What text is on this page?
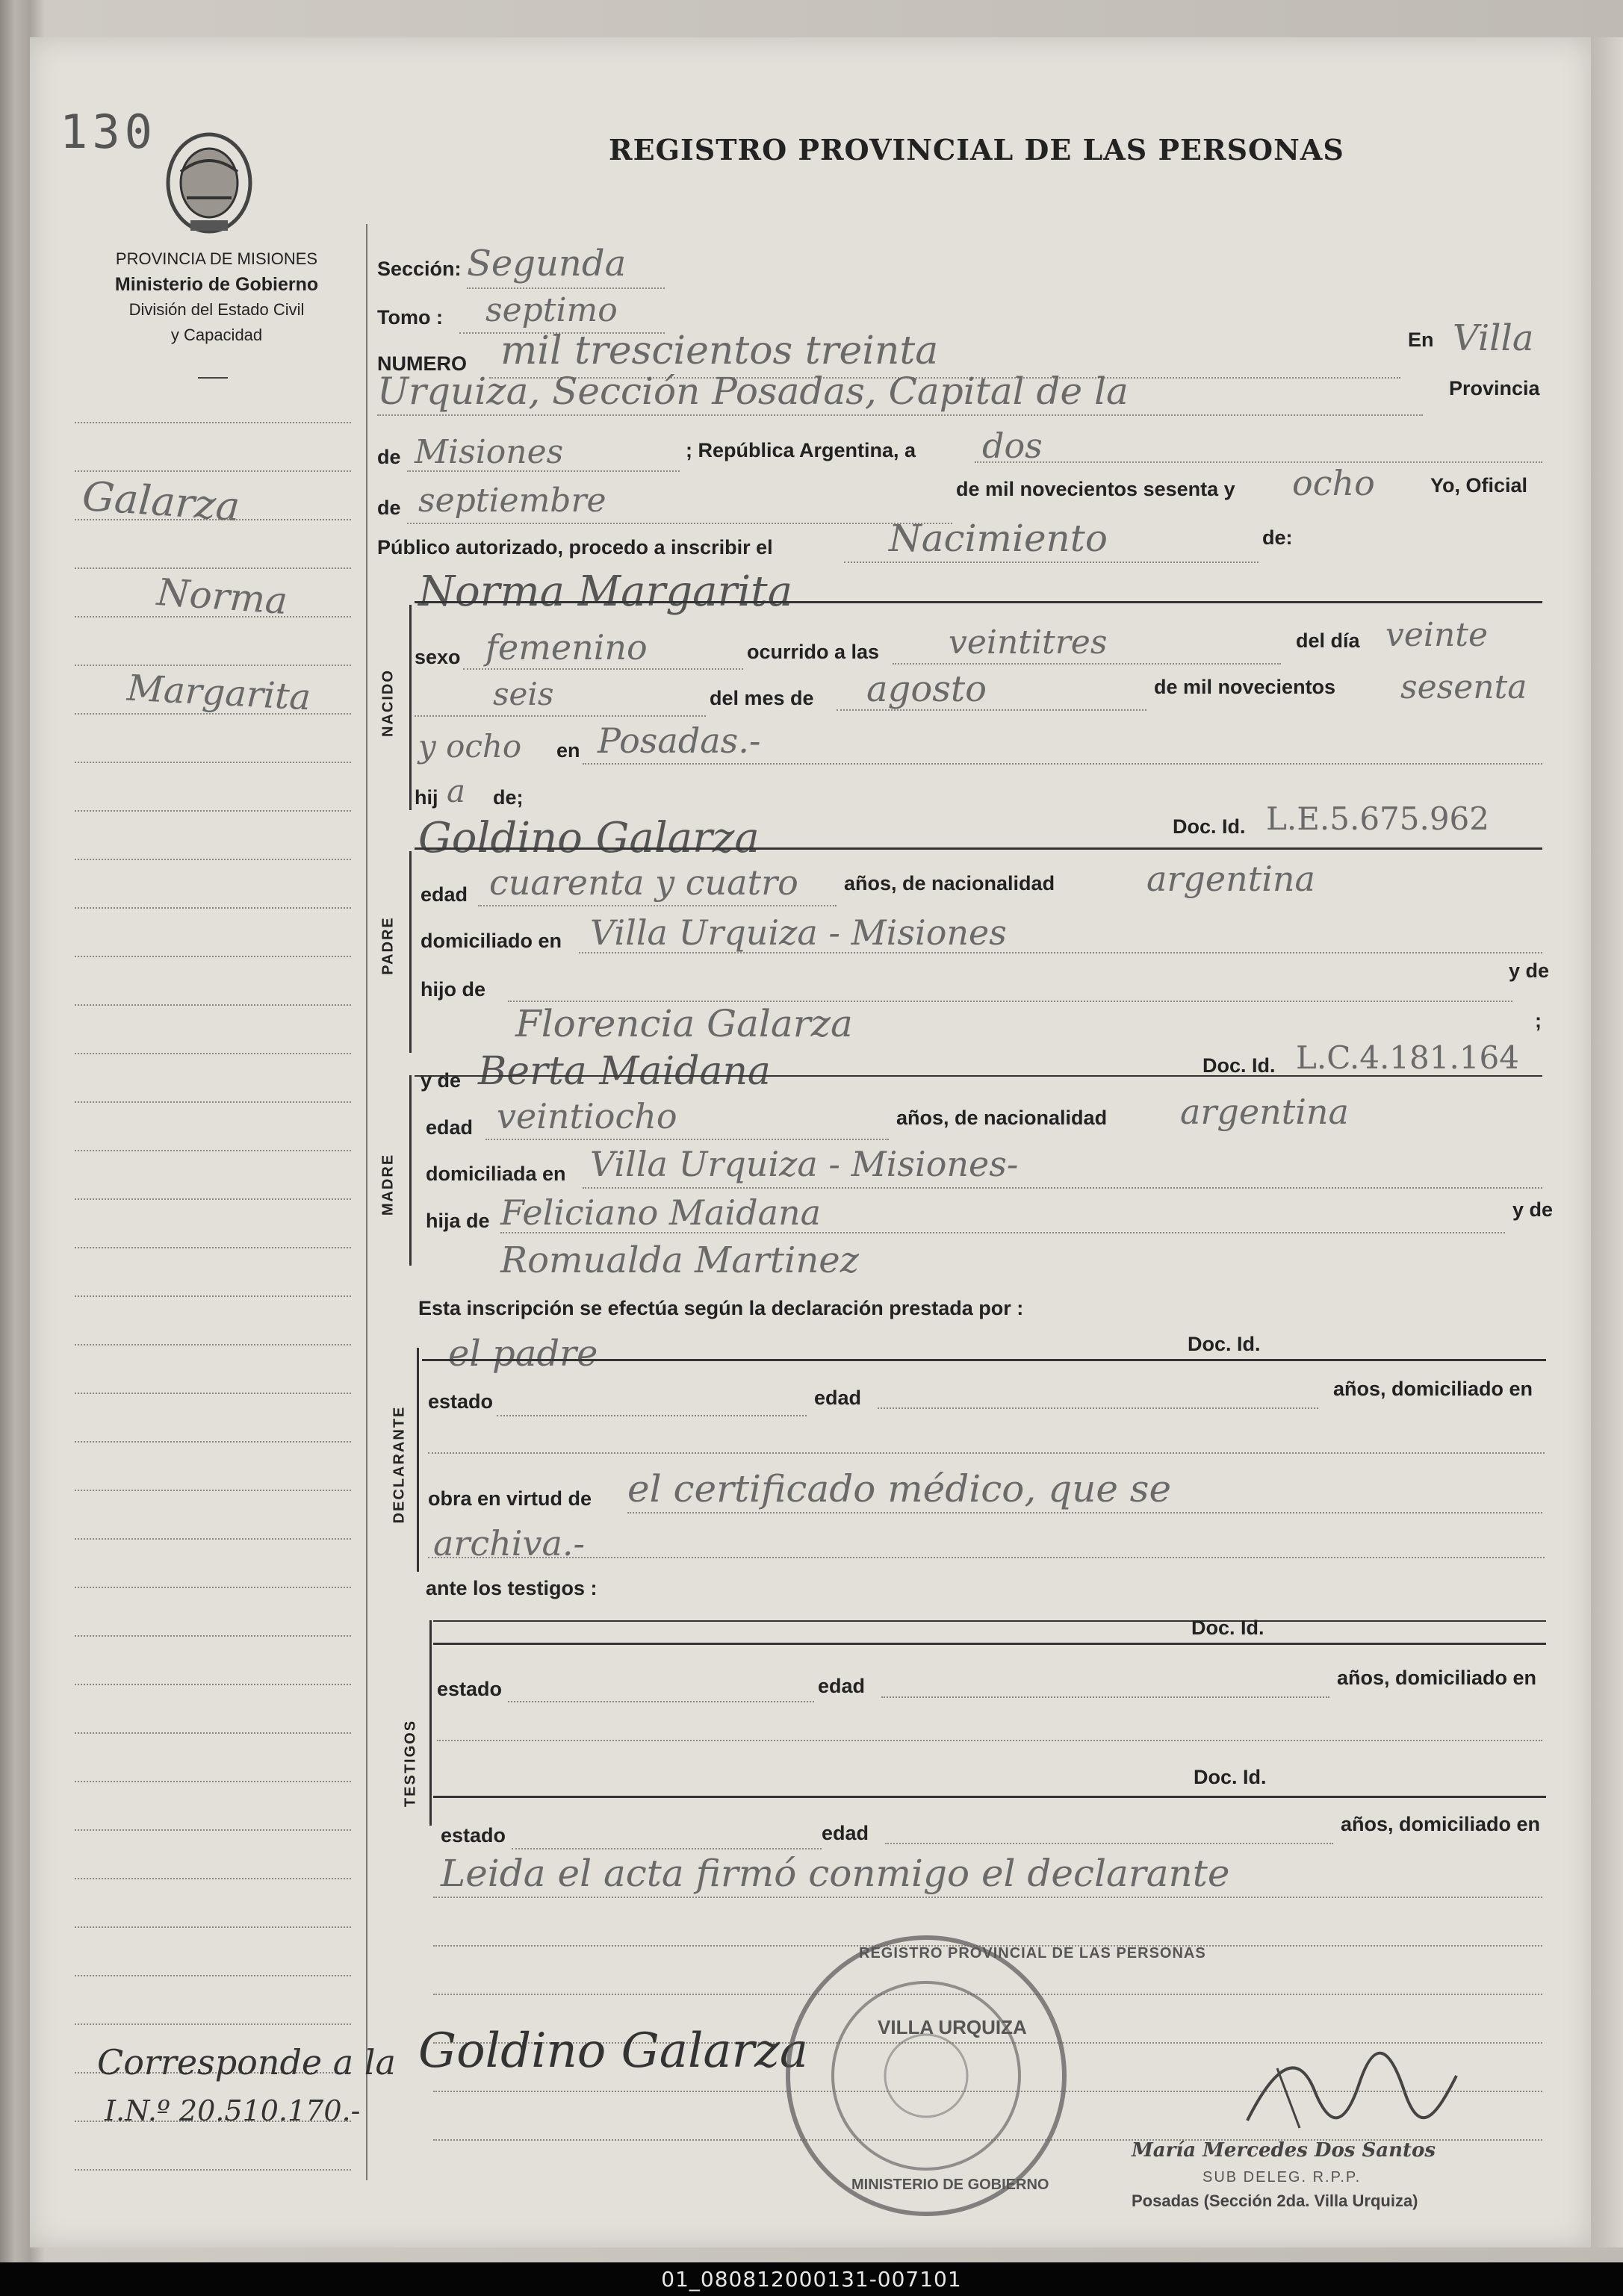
130	REGISTRO PROVINCIAL DE LAS PERSONAS
PROVINCIA DE MISIONES
Ministerio de Gobierno
División del Estado Civil
y Capacidad
Galarza
Norma
Margarita
Sección: Segunda
Tomo : septimo
NUMERO mil trescientos treinta	En Villa
Urquiza, Sección Posadas, Capital de la	Provincia
de Misiones	; República Argentina, a dos
de septiembre	de mil novecientos sesenta y ocho	Yo, Oficial
Público autorizado, procedo a inscribir el	Nacimiento	de:
Norma Margarita
NACIDO
sexo femenino	ocurrido a las veintitres	del día veinte
seis	del mes de agosto	de mil novecientos sesenta
y ocho en Posadas.-
hij a de;
Goldino Galarza	Doc. Id. L.E.5.675.962
PADRE
edad cuarenta y cuatro años, de nacionalidad	argentina
domiciliado en Villa Urquiza - Misiones
hijo de
y de
Florencia Galarza	;
y de Berta Maidana	Doc. Id. L.C.4.181.164
MADRE
edad veintiocho	años, de nacionalidad argentina
domiciliada en Villa Urquiza - Misiones-
hija de Feliciano Maidana	y de
Romualda Martinez
Esta inscripción se efectúa según la declaración prestada por :
el padre	Doc. Id.
DECLARANTE
estado	edad	años, domiciliado en
obra en virtud de el certificado médico, que se
archiva.-
ante los testigos :
TESTIGOS
Doc. Id.
estado	edad	años, domiciliado en
Doc. Id.
estado	edad	años, domiciliado en
Leida el acta firmó conmigo el declarante
Corresponde a la
I.N.º 20.510.170.-
Goldino Galarza
REGISTRO PROVINCIAL DE LAS PERSONAS
VILLA URQUIZA
MINISTERIO DE GOBIERNO
María Mercedes Dos Santos
SUB DELEG. R.P.P.
Posadas (Sección 2da. Villa Urquiza)
01_080812000131-007101
